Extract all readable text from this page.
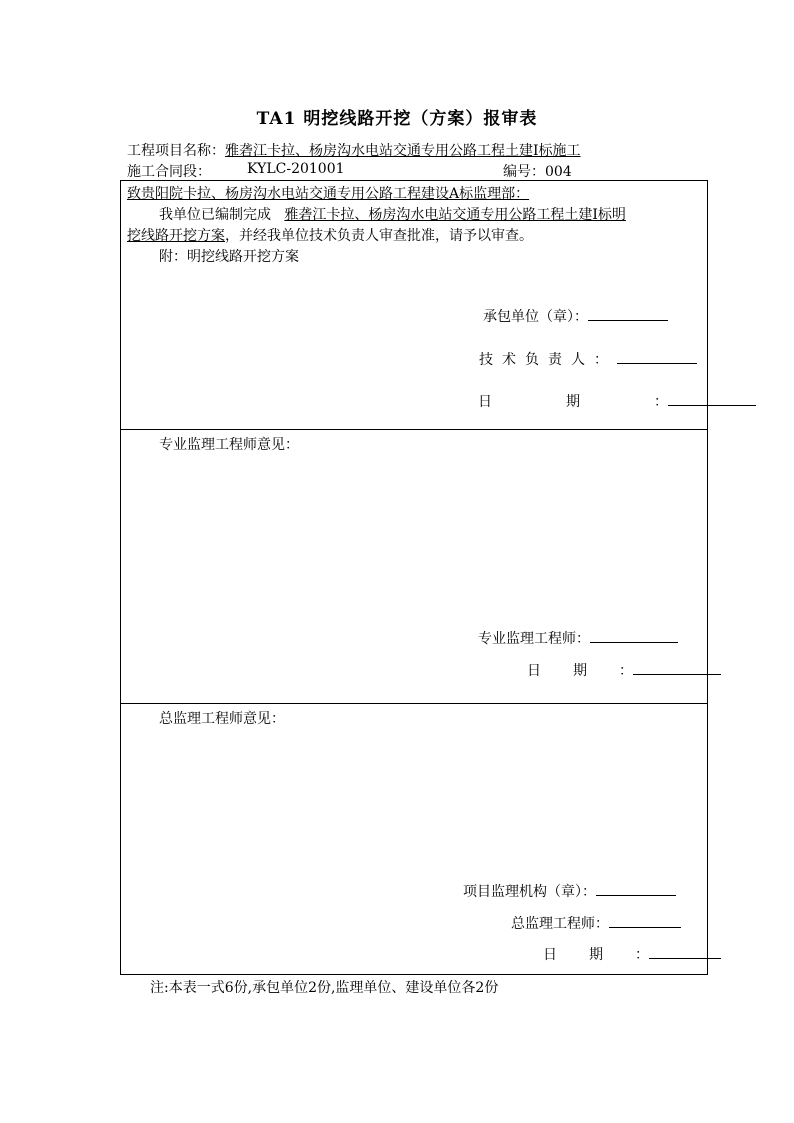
TA1 明挖线路开挖（方案）报审表
工程项目名称：雅砻江卡拉、杨房沟水电站交通专用公路工程土建Ⅰ标施工
施工合同段：	KYLC-201001	编号：004
致贵阳院卡拉、杨房沟水电站交通专用公路工程建设A标监理部：
我单位已编制完成 雅砻江卡拉、杨房沟水电站交通专用公路工程土建Ⅰ标明
挖线路开挖方案，并经我单位技术负责人审查批准，请予以审查。
附：明挖线路开挖方案
承包单位（章）：
技术负责人：
日期：
专业监理工程师意见：
专业监理工程师：
日期：
总监理工程师意见：
项目监理机构（章）：
总监理工程师：
日期：
注:本表一式6份,承包单位2份,监理单位、建设单位各2份
